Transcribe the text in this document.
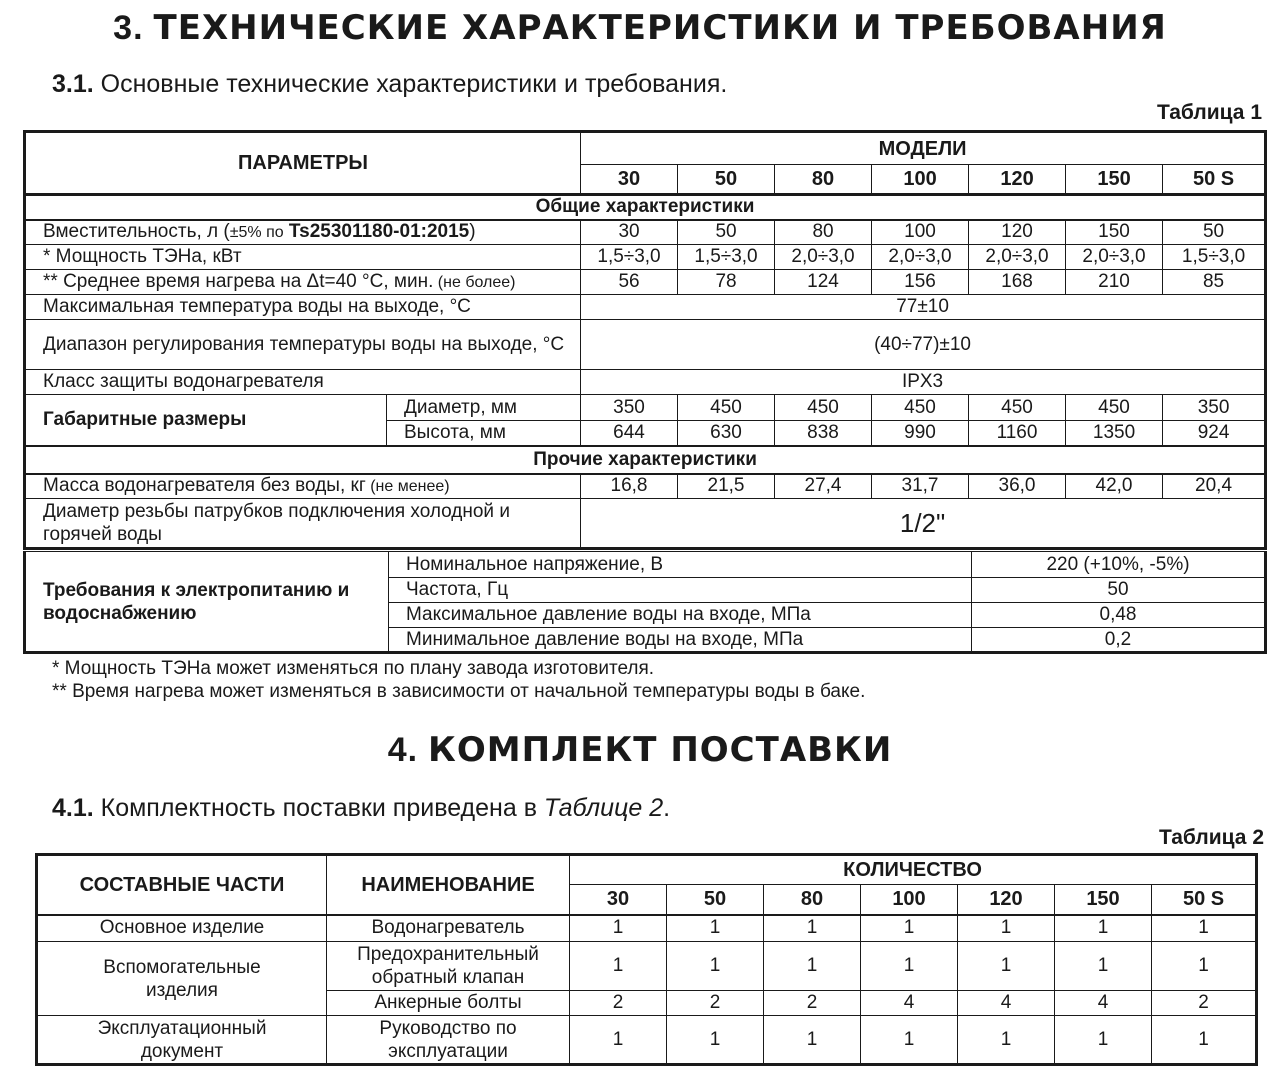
3. ТЕХНИЧЕСКИЕ ХАРАКТЕРИСТИКИ И ТРЕБОВАНИЯ
3.1. Основные технические характеристики и требования.
Таблица 1
ПАРАМЕТРЫ		МОДЕЛИ						
		30	50	80	100	120	150	50 S
Общие характеристики								
Вместительность, л (±5% по Ts25301180-01:2015)		30	50	80	100	120	150	50
* Мощность ТЭНа, кВт		1,5÷3,0	1,5÷3,0	2,0÷3,0	2,0÷3,0	2,0÷3,0	2,0÷3,0	1,5÷3,0
** Среднее время нагрева на Δt=40 °C, мин. (не более)		56	78	124	156	168	210	85
Максимальная температура воды на выходе, °C		77±10						
Диапазон регулирования температуры воды на выходе, °C		(40÷77)±10						
Класс защиты водонагревателя		IPX3						
Габаритные размеры	Диаметр, мм	350	450	450	450	450	450	350
	Высота, мм	644	630	838	990	1160	1350	924
Прочие характеристики								
Масса водонагревателя без воды, кг (не менее)		16,8	21,5	27,4	31,7	36,0	42,0	20,4
Диаметр резьбы патрубков подключения холодной и горячей воды		1/2"						
Требования к электропитанию и водоснабжению	Номинальное напряжение, В	220 (+10%, -5%)
	Частота, Гц	50
	Максимальное давление воды на входе, МПа	0,48
	Минимальное давление воды на входе, МПа	0,2
* Мощность ТЭНа может изменяться по плану завода изготовителя.
** Время нагрева может изменяться в зависимости от начальной температуры воды в баке.
4. КОМПЛЕКТ ПОСТАВКИ
4.1. Комплектность поставки приведена в Таблице 2.
Таблица 2
СОСТАВНЫЕ ЧАСТИ	НАИМЕНОВАНИЕ	КОЛИЧЕСТВО						
		30	50	80	100	120	150	50 S
Основное изделие	Водонагреватель	1	1	1	1	1	1	1
Вспомогательные изделия	Предохранительный обратный клапан	1	1	1	1	1	1	1
	Анкерные болты	2	2	2	4	4	4	2
Эксплуатационный документ	Руководство по эксплуатации	1	1	1	1	1	1	1
